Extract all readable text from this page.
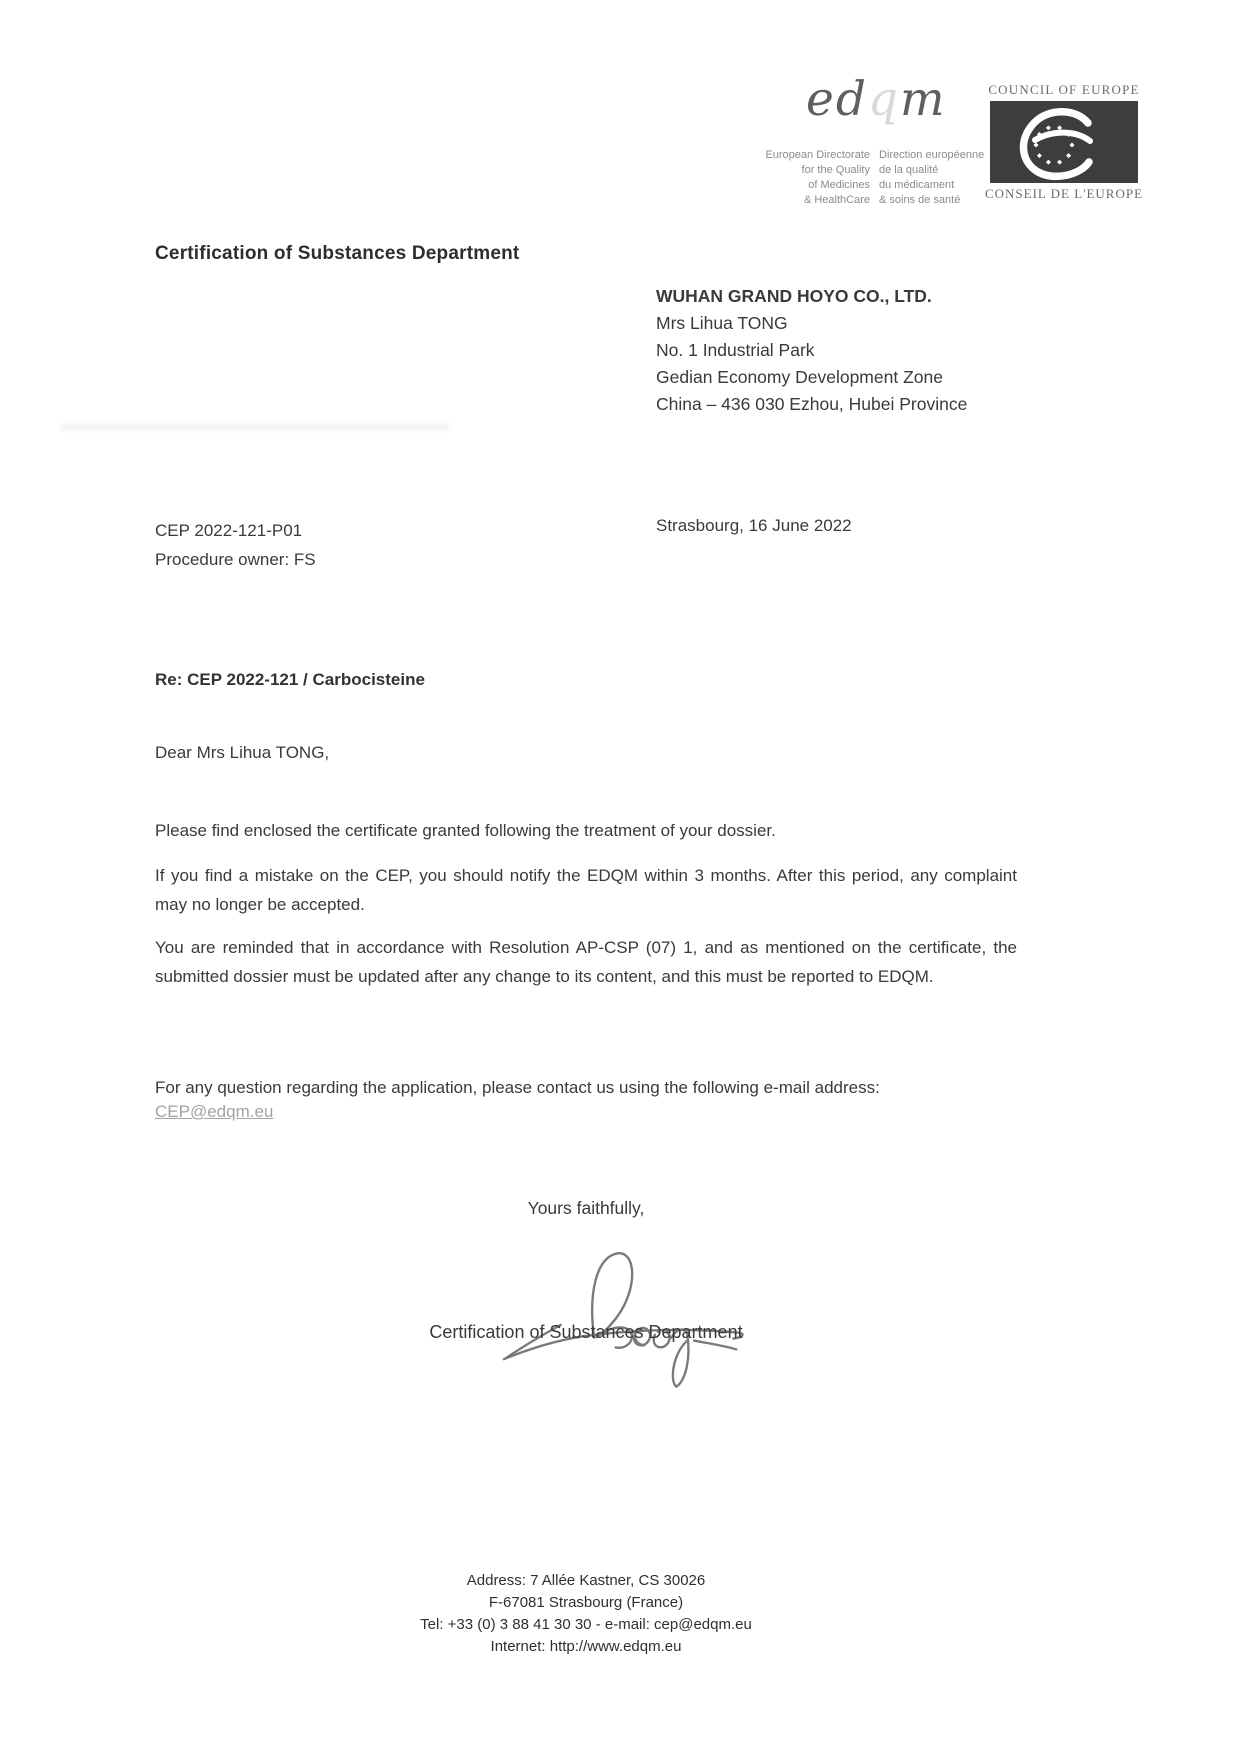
edqm
European Directorate
for the Quality
of Medicines
& HealthCare
Direction européenne
de la qualité
du médicament
& soins de santé
COUNCIL OF EUROPE
CONSEIL DE L'EUROPE
Certification of Substances Department
WUHAN GRAND HOYO CO., LTD.
Mrs Lihua TONG
No. 1 Industrial Park
Gedian Economy Development Zone
China – 436 030 Ezhou, Hubei Province
CEP 2022-121-P01
Procedure owner: FS
Strasbourg, 16 June 2022
Re: CEP 2022-121 / Carbocisteine
Dear Mrs Lihua TONG,
Please find enclosed the certificate granted following the treatment of your dossier.
If you find a mistake on the CEP, you should notify the EDQM within 3 months. After this period, any complaint may no longer be accepted.
You are reminded that in accordance with Resolution AP-CSP (07) 1, and as mentioned on the certificate, the submitted dossier must be updated after any change to its content, and this must be reported to EDQM.
For any question regarding the application, please contact us using the following e-mail address:
CEP@edqm.eu
Yours faithfully,
Certification of Substances Department
Address: 7 Allée Kastner, CS 30026
F-67081 Strasbourg (France)
Tel: +33 (0) 3 88 41 30 30 - e-mail: cep@edqm.eu
Internet: http://www.edqm.eu
